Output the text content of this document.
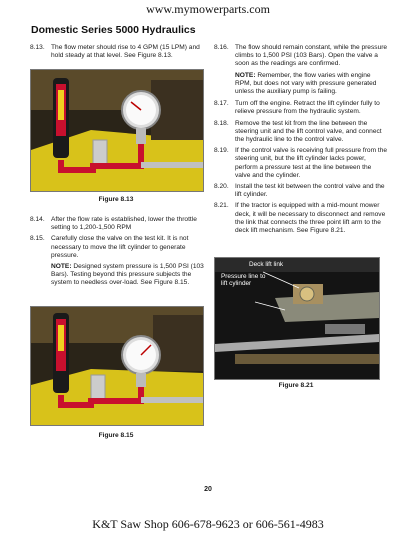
www.mymowerparts.com
Domestic Series 5000 Hydraulics
8.13. The flow meter should rise to 4 GPM (15 LPM) and hold steady at that level. See Figure 8.13.
8.14. After the flow rate is established, lower the throttle setting to 1,200-1,500 RPM
8.15. Carefully close the valve on the test kit. It is not necessary to move the lift cylinder to generate pressure.
NOTE: Designed system pressure is 1,500 PSI (103 Bars). Testing beyond this pressure subjects the system to needless over-load. See Figure 8.15.
Figure 8.13
Figure 8.15
8.16. The flow should remain constant, while the pressure climbs to 1,500 PSI (103 Bars). Open the valve a soon as the readings are confirmed.
NOTE: Remember, the flow varies with engine RPM, but does not vary with pressure generated unless the auxiliary pump is failing.
8.17. Turn off the engine. Retract the lift cylinder fully to relieve pressure from the hydraulic system.
8.18. Remove the test kit from the line between the steering unit and the lift control valve, and connect the hydraulic line to the control valve.
8.19. If the control valve is receiving full pressure from the steering unit, but the lift cylinder lacks power, perform a pressure test at the line between the valve and the cylinder.
8.20. Install the test kit between the control valve and the lift cylinder.
8.21. If the tractor is equipped with a mid-mount mower deck, it will be necessary to disconnect and remove the link that connects the three point lift arm to the deck lift mechanism. See Figure 8.21.
Deck lift link
Pressure line to lift cylinder
Figure 8.21
20
K&T Saw Shop 606-678-9623 or 606-561-4983
